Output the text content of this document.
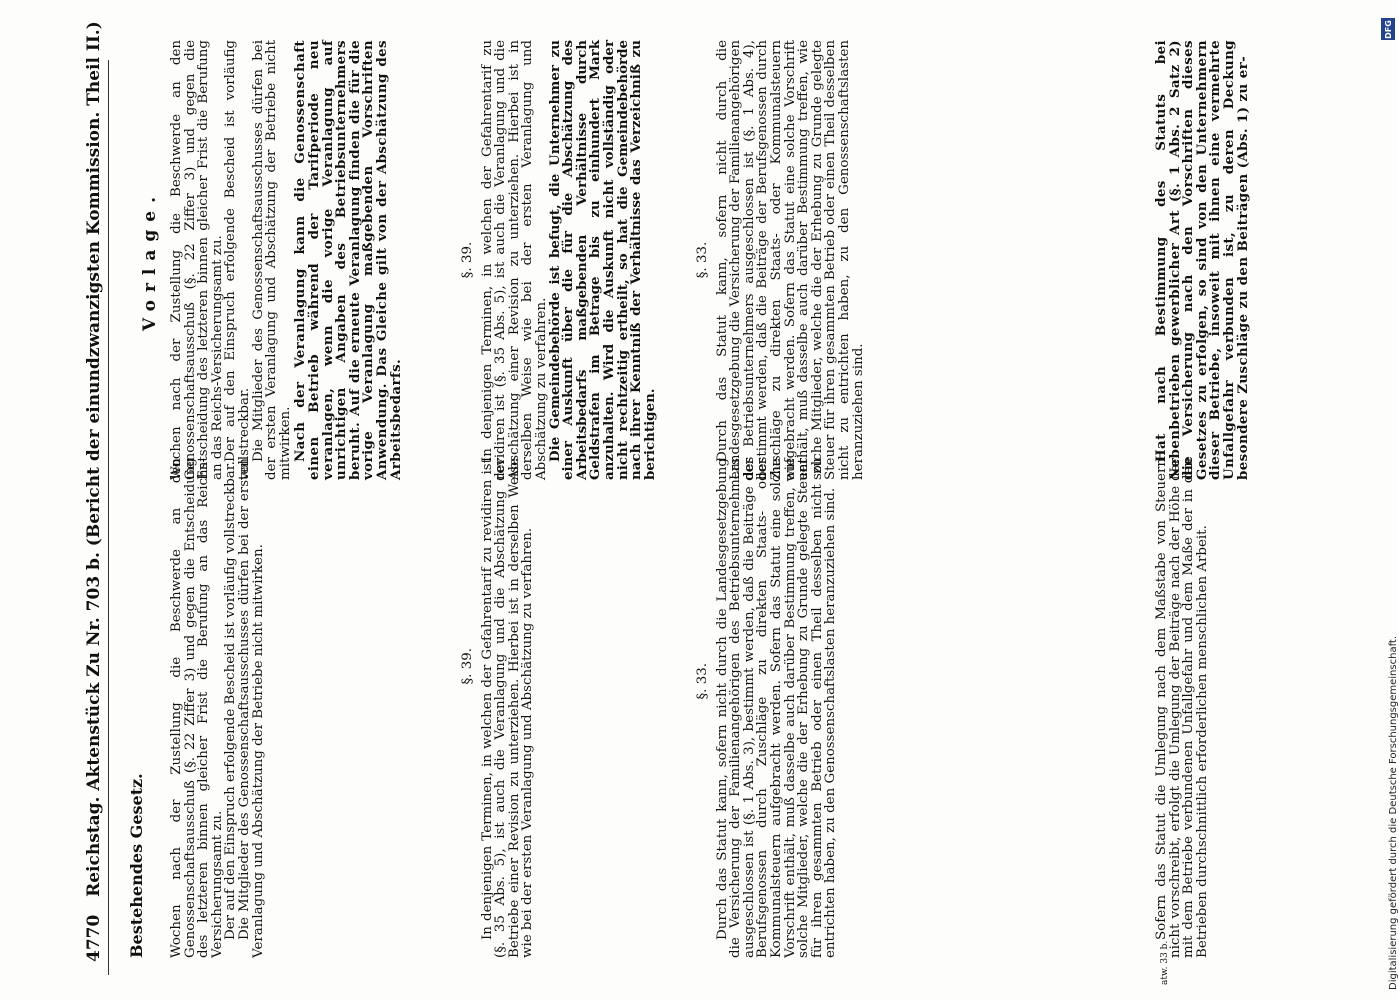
4770   Reichstag. Aktenstück Zu Nr. 703 b. (Bericht der einundzwanzigsten Kommission. Theil II.) Bestehendes Gesetz. Wochen nach der Zustellung die Beschwerde an den Genossenschaftsausschuß (§. 22 Ziffer 3) und gegen die Entscheidung des letzteren binnen gleicher Frist die Berufung an das Reichs-Versicherungsamt zu.

Der auf den Einspruch erfolgende Bescheid ist vorläufig vollstreckbar.

Die Mitglieder des Genossenschaftsausschusses dürfen bei der ersten Veranlagung und Abschätzung der Betriebe nicht mitwirken.	§. 39. In denjenigen Terminen, in welchen der Gefahrentarif zu revidiren ist (§. 35 Abs. 5), ist auch die Veranlagung und die Abschätzung der Betriebe einer Revision zu unterziehen. Hierbei ist in derselben Weise wie bei der ersten Veranlagung und Abschätzung zu verfahren.	§. 33. Durch das Statut kann, sofern nicht durch die Landesgesetzgebung die Versicherung der Familienangehörigen des Betriebsunternehmers ausgeschlossen ist (§. 1 Abs. 3), bestimmt werden, daß die Beiträge der Berufsgenossen durch Zuschläge zu direkten Staats- oder Kommunalsteuern aufgebracht werden. Sofern das Statut eine solche Vorschrift enthält, muß dasselbe auch darüber Bestimmung treffen, wie solche Mitglieder, welche die der Erhebung zu Grunde gelegte Steuer für ihren gesammten Betrieb oder einen Theil desselben nicht zu entrichten haben, zu den Genossenschaftslasten heranzuziehen sind.	Sofern das Statut die Umlegung nach dem Maßstabe von Steuern nicht vorschreibt, erfolgt die Umlegung der Beiträge nach der Höhe der mit dem Betriebe verbundenen Unfallgefahr und dem Maße der in den Betrieben durchschnittlich erforderlichen menschlichen Arbeit.

atw. 33 b.

Vorlage. Wochen nach der Zustellung die Beschwerde an den Genossenschaftsausschuß (§. 22 Ziffer 3) und gegen die Entscheidung des letzteren binnen gleicher Frist die Berufung an das Reichs-Versicherungsamt zu.

Der auf den Einspruch erfolgende Bescheid ist vorläufig vollstreckbar.

Die Mitglieder des Genossenschaftsausschusses dürfen bei der ersten Veranlagung und Abschätzung der Betriebe nicht mitwirken. Nach der Veranlagung kann die Genossenschaft einen Betrieb während der Tarifperiode neu veranlagen, wenn die vorige Veranlagung auf unrichtigen Angaben des Betriebsunternehmers beruht. Auf die erneute Veranlagung finden die für die vorige Veranlagung maßgebenden Vorschriften Anwendung. Das Gleiche gilt von der Abschätzung des Arbeitsbedarfs.

§. 39. In denjenigen Terminen, in welchen der Gefahrentarif zu revidiren ist (§. 35 Abs. 5), ist auch die Veranlagung und die Abschätzung einer Revision zu unterziehen. Hierbei ist in derselben Weise wie bei der ersten Veranlagung und Abschätzung zu verfahren.

Die Gemeindebehörde ist befugt, die Unternehmer zu einer Auskunft über die für die Abschätzung des Arbeitsbedarfs maßgebenden Verhältnisse durch Geldstrafen im Betrage bis zu einhundert Mark anzuhalten. Wird die Auskunft nicht vollständig oder nicht rechtzeitig ertheilt, so hat die Gemeindebehörde nach ihrer Kenntniß der Verhältnisse das Verzeichniß zu berichtigen.

§. 33. Durch das Statut kann, sofern nicht durch die Landesgesetzgebung die Versicherung der Familienangehörigen des Betriebsunternehmers ausgeschlossen ist (§. 1 Abs. 4), bestimmt werden, daß die Beiträge der Berufsgenossen durch Zuschläge zu direkten Staats- oder Kommunalsteuern aufgebracht werden. Sofern das Statut eine solche Vorschrift enthält, muß dasselbe auch darüber Bestimmung treffen, wie solche Mitglieder, welche die der Erhebung zu Grunde gelegte Steuer für ihren gesammten Betrieb oder einen Theil desselben nicht zu entrichten haben, zu den Genossenschaftslasten heranzuziehen sind.	Hat nach Bestimmung des Statuts bei Nebenbetrieben gewerblicher Art (§. 1 Abs. 2 Satz 2) die Versicherung nach den Vorschriften dieses Gesetzes zu erfolgen, so sind von den Unternehmern dieser Betriebe, insoweit mit ihnen eine vermehrte Unfallgefahr verbunden ist, zu deren Deckung besondere Zuschläge zu den Beiträgen (Abs. 1) zu er-

DFG
Digitalisierung gefördert durch die Deutsche Forschungsgemeinschaft.
